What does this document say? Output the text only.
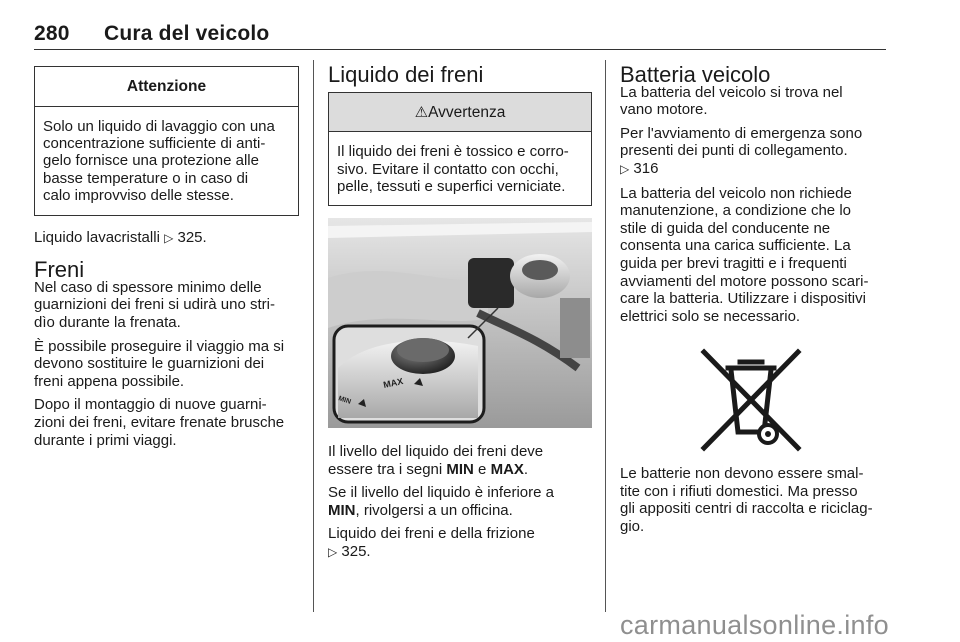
280 Cura del veicolo
Attenzione
Solo un liquido di lavaggio con una
concentrazione sufficiente di anti-
gelo fornisce una protezione alle
basse temperature o in caso di
calo improvviso delle stesse.

Liquido lavacristalli ▷ 325.

Freni

Nel caso di spessore minimo delle
guarnizioni dei freni si udirà uno stri-
dìo durante la frenata.

È possibile proseguire il viaggio ma si
devono sostituire le guarnizioni dei
freni appena possibile.

Dopo il montaggio di nuove guarni-
zioni dei freni, evitare frenate brusche
durante i primi viaggi.

Liquido dei freni
⚠Avvertenza
Il liquido dei freni è tossico e corro-
sivo. Evitare il contatto con occhi,
pelle, tessuti e superfici verniciate.
MAX
MIN

Il livello del liquido dei freni deve
essere tra i segni MIN e MAX.

Se il livello del liquido è inferiore a
MIN, rivolgersi a un officina.

Liquido dei freni e della frizione
▷ 325.

Batteria veicolo

La batteria del veicolo si trova nel
vano motore.

Per l'avviamento di emergenza sono
presenti dei punti di collegamento.
▷ 316

La batteria del veicolo non richiede
manutenzione, a condizione che lo
stile di guida del conducente ne
consenta una carica sufficiente. La
guida per brevi tragitti e i frequenti
avviamenti del motore possono scari-
care la batteria. Utilizzare i dispositivi
elettrici solo se necessario.

Le batterie non devono essere smal-
tite con i rifiuti domestici. Ma presso
gli appositi centri di raccolta e riciclag-
gio.

carmanualsonline.info
